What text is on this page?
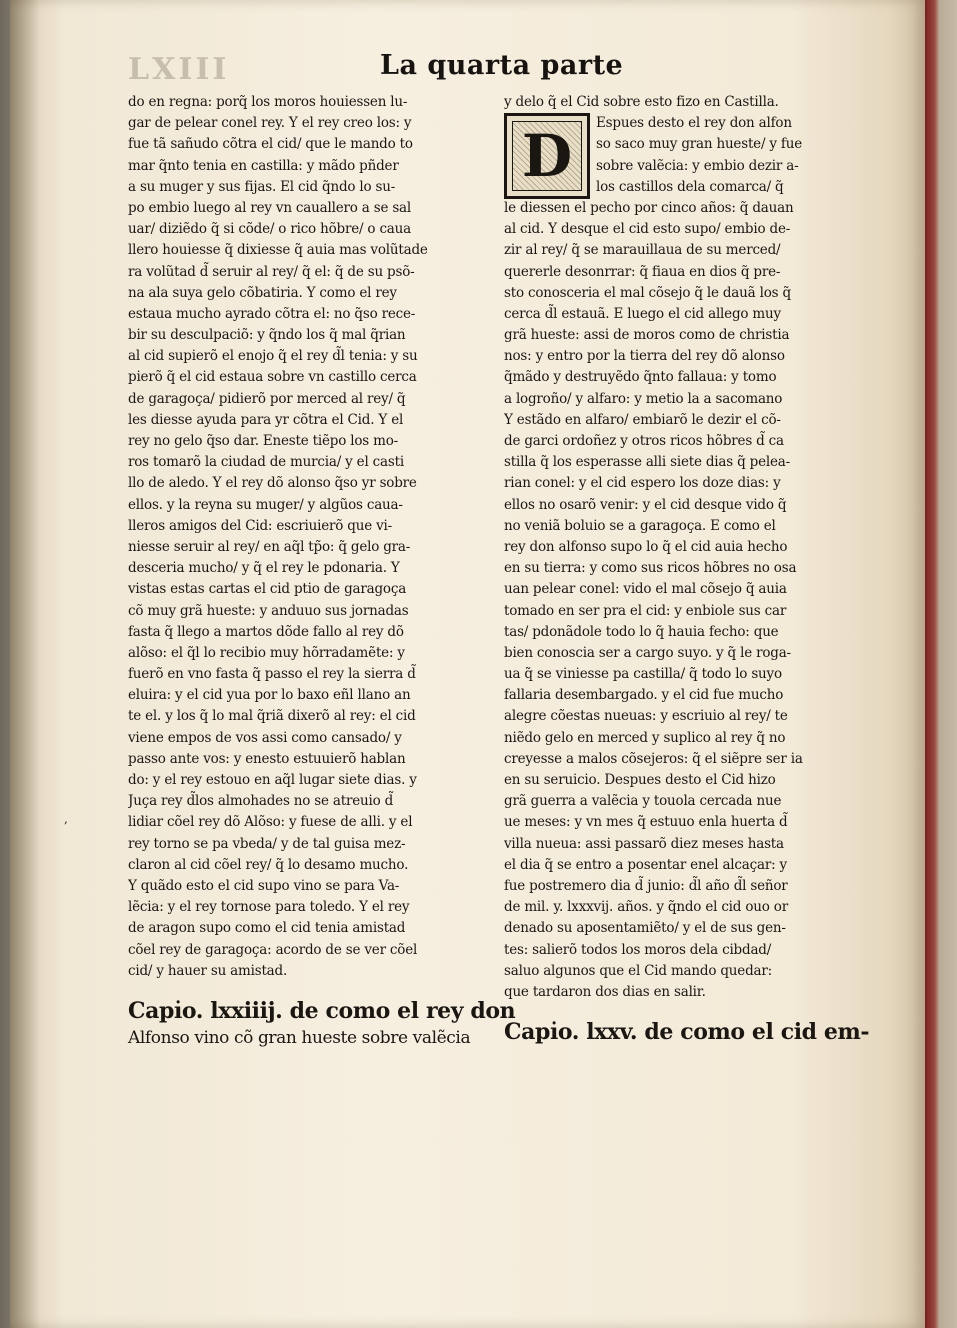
LXIII	La quarta parte
do en regna: porq̃ los moros houiessen lu-
gar de pelear conel rey. Y el rey creo los: y
fue tã sañudo cõtra el cid/ que le mando to
mar q̃nto tenia en castilla: y mãdo pñder
a su muger y sus fijas. El cid q̃ndo lo su-
po embio luego al rey vn cauallero a se sal
uar/ diziẽdo q̃ si cõde/ o rico hõbre/ o caua
llero houiesse q̃ dixiesse q̃ auia mas volũtade
ra volũtad d̃ seruir al rey/ q̃ el: q̃ de su psõ-
na ala suya gelo cõbatiria. Y como el rey
estaua mucho ayrado cõtra el: no q̃so rece-
bir su desculpaciõ: y q̃ndo los q̃ mal q̃rian
al cid supierõ el enojo q̃ el rey d̃l tenia: y su
pierõ q̃ el cid estaua sobre vn castillo cerca
de garagoça/ pidierõ por merced al rey/ q̃
les diesse ayuda para yr cõtra el Cid. Y el
rey no gelo q̃so dar. Eneste tiẽpo los mo-
ros tomarõ la ciudad de murcia/ y el casti
llo de aledo. Y el rey dõ alonso q̃so yr sobre
ellos. y la reyna su muger/ y algũos caua-
lleros amigos del Cid: escriuierõ que vi-
niesse seruir al rey/ en aq̃l tp̃o: q̃ gelo gra-
desceria mucho/ y q̃ el rey le pdonaria. Y
vistas estas cartas el cid ptio de garagoça
cõ muy grã hueste: y anduuo sus jornadas
fasta q̃ llego a martos dõde fallo al rey dõ
alõso: el q̃l lo recibio muy hõrradamẽte: y
fuerõ en vno fasta q̃ passo el rey la sierra d̃
eluira: y el cid yua por lo baxo eñl llano an
te el. y los q̃ lo mal q̃riã dixerõ al rey: el cid
viene empos de vos assi como cansado/ y
passo ante vos: y enesto estuuierõ hablan
do: y el rey estouo en aq̃l lugar siete dias. y
Juça rey d̃los almohades no se atreuio d̃
lidiar cõel rey dõ Alõso: y fuese de alli. y el
rey torno se pa vbeda/ y de tal guisa mez-
claron al cid cõel rey/ q̃ lo desamo mucho.
Y quãdo esto el cid supo vino se para Va-
lẽcia: y el rey tornose para toledo. Y el rey
de aragon supo como el cid tenia amistad
cõel rey de garagoça: acordo de se ver cõel
cid/ y hauer su amistad.
Capi̇o. lxxiiij. de como el rey don
Alfonso vino cõ gran hueste sobre valẽcia
y delo q̃ el Cid sobre esto fizo en Castilla.
D	Espues desto el rey don alfon
so saco muy gran hueste/ y fue
sobre valẽcia: y embio dezir a-
los castillos dela comarca/ q̃
le diessen el pecho por cinco años: q̃ dauan
al cid. Y desque el cid esto supo/ embio de-
zir al rey/ q̃ se marauillaua de su merced/
quererle desonrrar: q̃ fiaua en dios q̃ pre-
sto conosceria el mal cõsejo q̃ le dauã los q̃
cerca d̃l estauã. E luego el cid allego muy
grã hueste: assi de moros como de christia
nos: y entro por la tierra del rey dõ alonso
q̃mãdo y destruyẽdo q̃nto fallaua: y tomo
a logroño/ y alfaro: y metio la a sacomano
Y estãdo en alfaro/ embiarõ le dezir el cõ-
de garci ordoñez y otros ricos hõbres d̃ ca
stilla q̃ los esperasse alli siete dias q̃ pelea-
rian conel: y el cid espero los doze dias: y
ellos no osarõ venir: y el cid desque vido q̃
no veniã boluio se a garagoça. E como el
rey don alfonso supo lo q̃ el cid auia hecho
en su tierra: y como sus ricos hõbres no osa
uan pelear conel: vido el mal cõsejo q̃ auia
tomado en ser pra el cid: y enbiole sus car
tas/ pdonãdole todo lo q̃ hauia fecho: que
bien conoscia ser a cargo suyo. y q̃ le roga-
ua q̃ se viniesse pa castilla/ q̃ todo lo suyo
fallaria desembargado. y el cid fue mucho
alegre cõestas nueuas: y escriuio al rey/ te
niẽdo gelo en merced y suplico al rey q̃ no
creyesse a malos cõsejeros: q̃ el siẽpre ser ia
en su seruicio. Despues desto el Cid hizo
grã guerra a valẽcia y touola cercada nue
ue meses: y vn mes q̃ estuuo enla huerta d̃
villa nueua: assi passarõ diez meses hasta
el dia q̃ se entro a posentar enel alcaçar: y
fue postremero dia d̃ junio: d̃l año d̃l señor
de mil. y. lxxxvij. años. y q̃ndo el cid ouo or
denado su aposentamiẽto/ y el de sus gen-
tes: salierõ todos los moros dela cibdad/
saluo algunos que el Cid mando quedar:
que tardaron dos dias en salir.
Capi̇o. lxxv. de como el cid em-
,
